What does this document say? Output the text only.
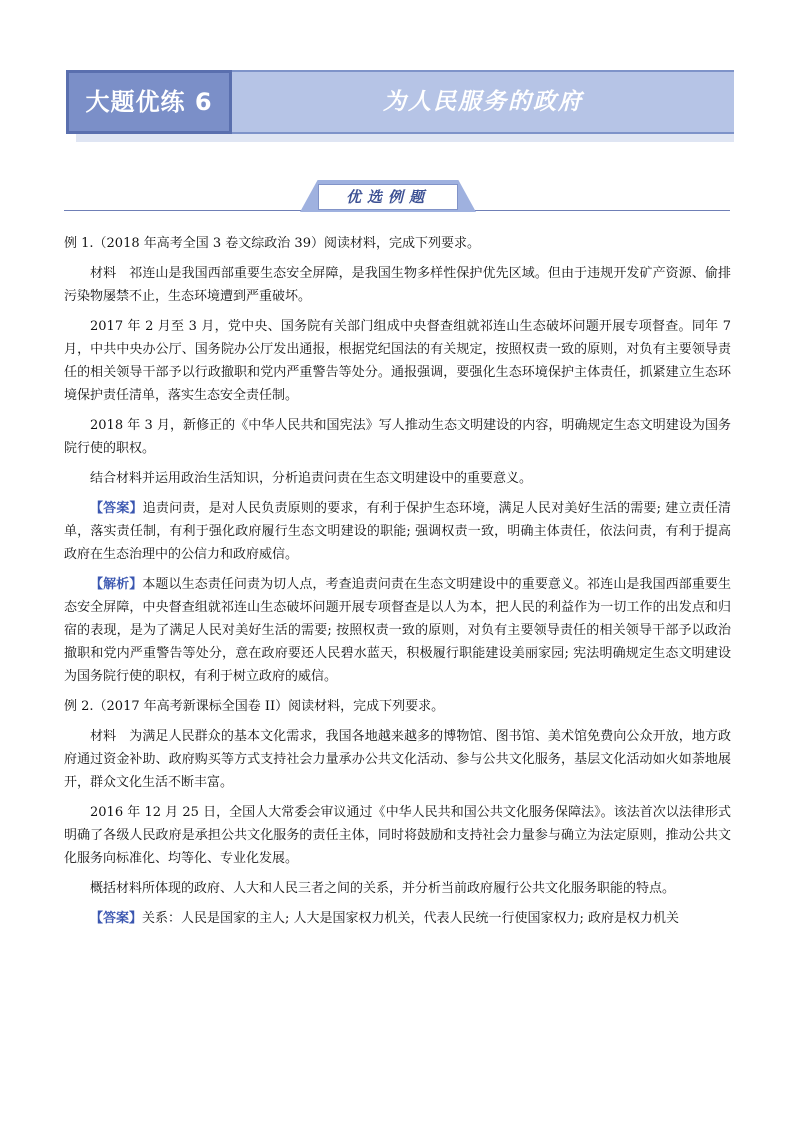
大题优练 6	为人民服务的政府
优选例题

例 1.（2018 年高考全国 3 卷文综政治 39）阅读材料，完成下列要求。

材料　祁连山是我国西部重要生态安全屏障，是我国生物多样性保护优先区域。但由于违规开发矿产资源、偷排污染物屡禁不止，生态环境遭到严重破坏。

2017 年 2 月至 3 月，党中央、国务院有关部门组成中央督查组就祁连山生态破坏问题开展专项督查。同年 7 月，中共中央办公厅、国务院办公厅发出通报，根据党纪国法的有关规定，按照权责一致的原则，对负有主要领导责任的相关领导干部予以行政撤职和党内严重警告等处分。通报强调，要强化生态环境保护主体责任，抓紧建立生态环境保护责任清单，落实生态安全责任制。

2018 年 3 月，新修正的《中华人民共和国宪法》写人推动生态文明建设的内容，明确规定生态文明建设为国务院行使的职权。

结合材料并运用政治生活知识，分析追责问责在生态文明建设中的重要意义。

【答案】追责问责，是对人民负责原则的要求，有利于保护生态环境，满足人民对美好生活的需要; 建立责任清单，落实责任制，有利于强化政府履行生态文明建设的职能; 强调权责一致，明确主体责任，依法问责，有利于提高政府在生态治理中的公信力和政府威信。

【解析】本题以生态责任问责为切人点，考查追责问责在生态文明建设中的重要意义。祁连山是我国西部重要生态安全屏障，中央督查组就祁连山生态破坏问题开展专项督查是以人为本，把人民的利益作为一切工作的出发点和归宿的表现，是为了满足人民对美好生活的需要; 按照权责一致的原则，对负有主要领导责任的相关领导干部予以政治撤职和党内严重警告等处分，意在政府要还人民碧水蓝天，积极履行职能建设美丽家园; 宪法明确规定生态文明建设为国务院行使的职权，有利于树立政府的威信。

例 2.（2017 年高考新课标全国卷 II）阅读材料，完成下列要求。

材料　为满足人民群众的基本文化需求，我国各地越来越多的博物馆、图书馆、美术馆免费向公众开放，地方政府通过资金补助、政府购买等方式支持社会力量承办公共文化活动、参与公共文化服务，基层文化活动如火如荼地展开，群众文化生活不断丰富。

2016 年 12 月 25 日，全国人大常委会审议通过《中华人民共和国公共文化服务保障法》。该法首次以法律形式明确了各级人民政府是承担公共文化服务的责任主体，同时将鼓励和支持社会力量参与确立为法定原则，推动公共文化服务向标准化、均等化、专业化发展。

概括材料所体现的政府、人大和人民三者之间的关系，并分析当前政府履行公共文化服务职能的特点。

【答案】关系：人民是国家的主人; 人大是国家权力机关，代表人民统一行使国家权力; 政府是权力机关
